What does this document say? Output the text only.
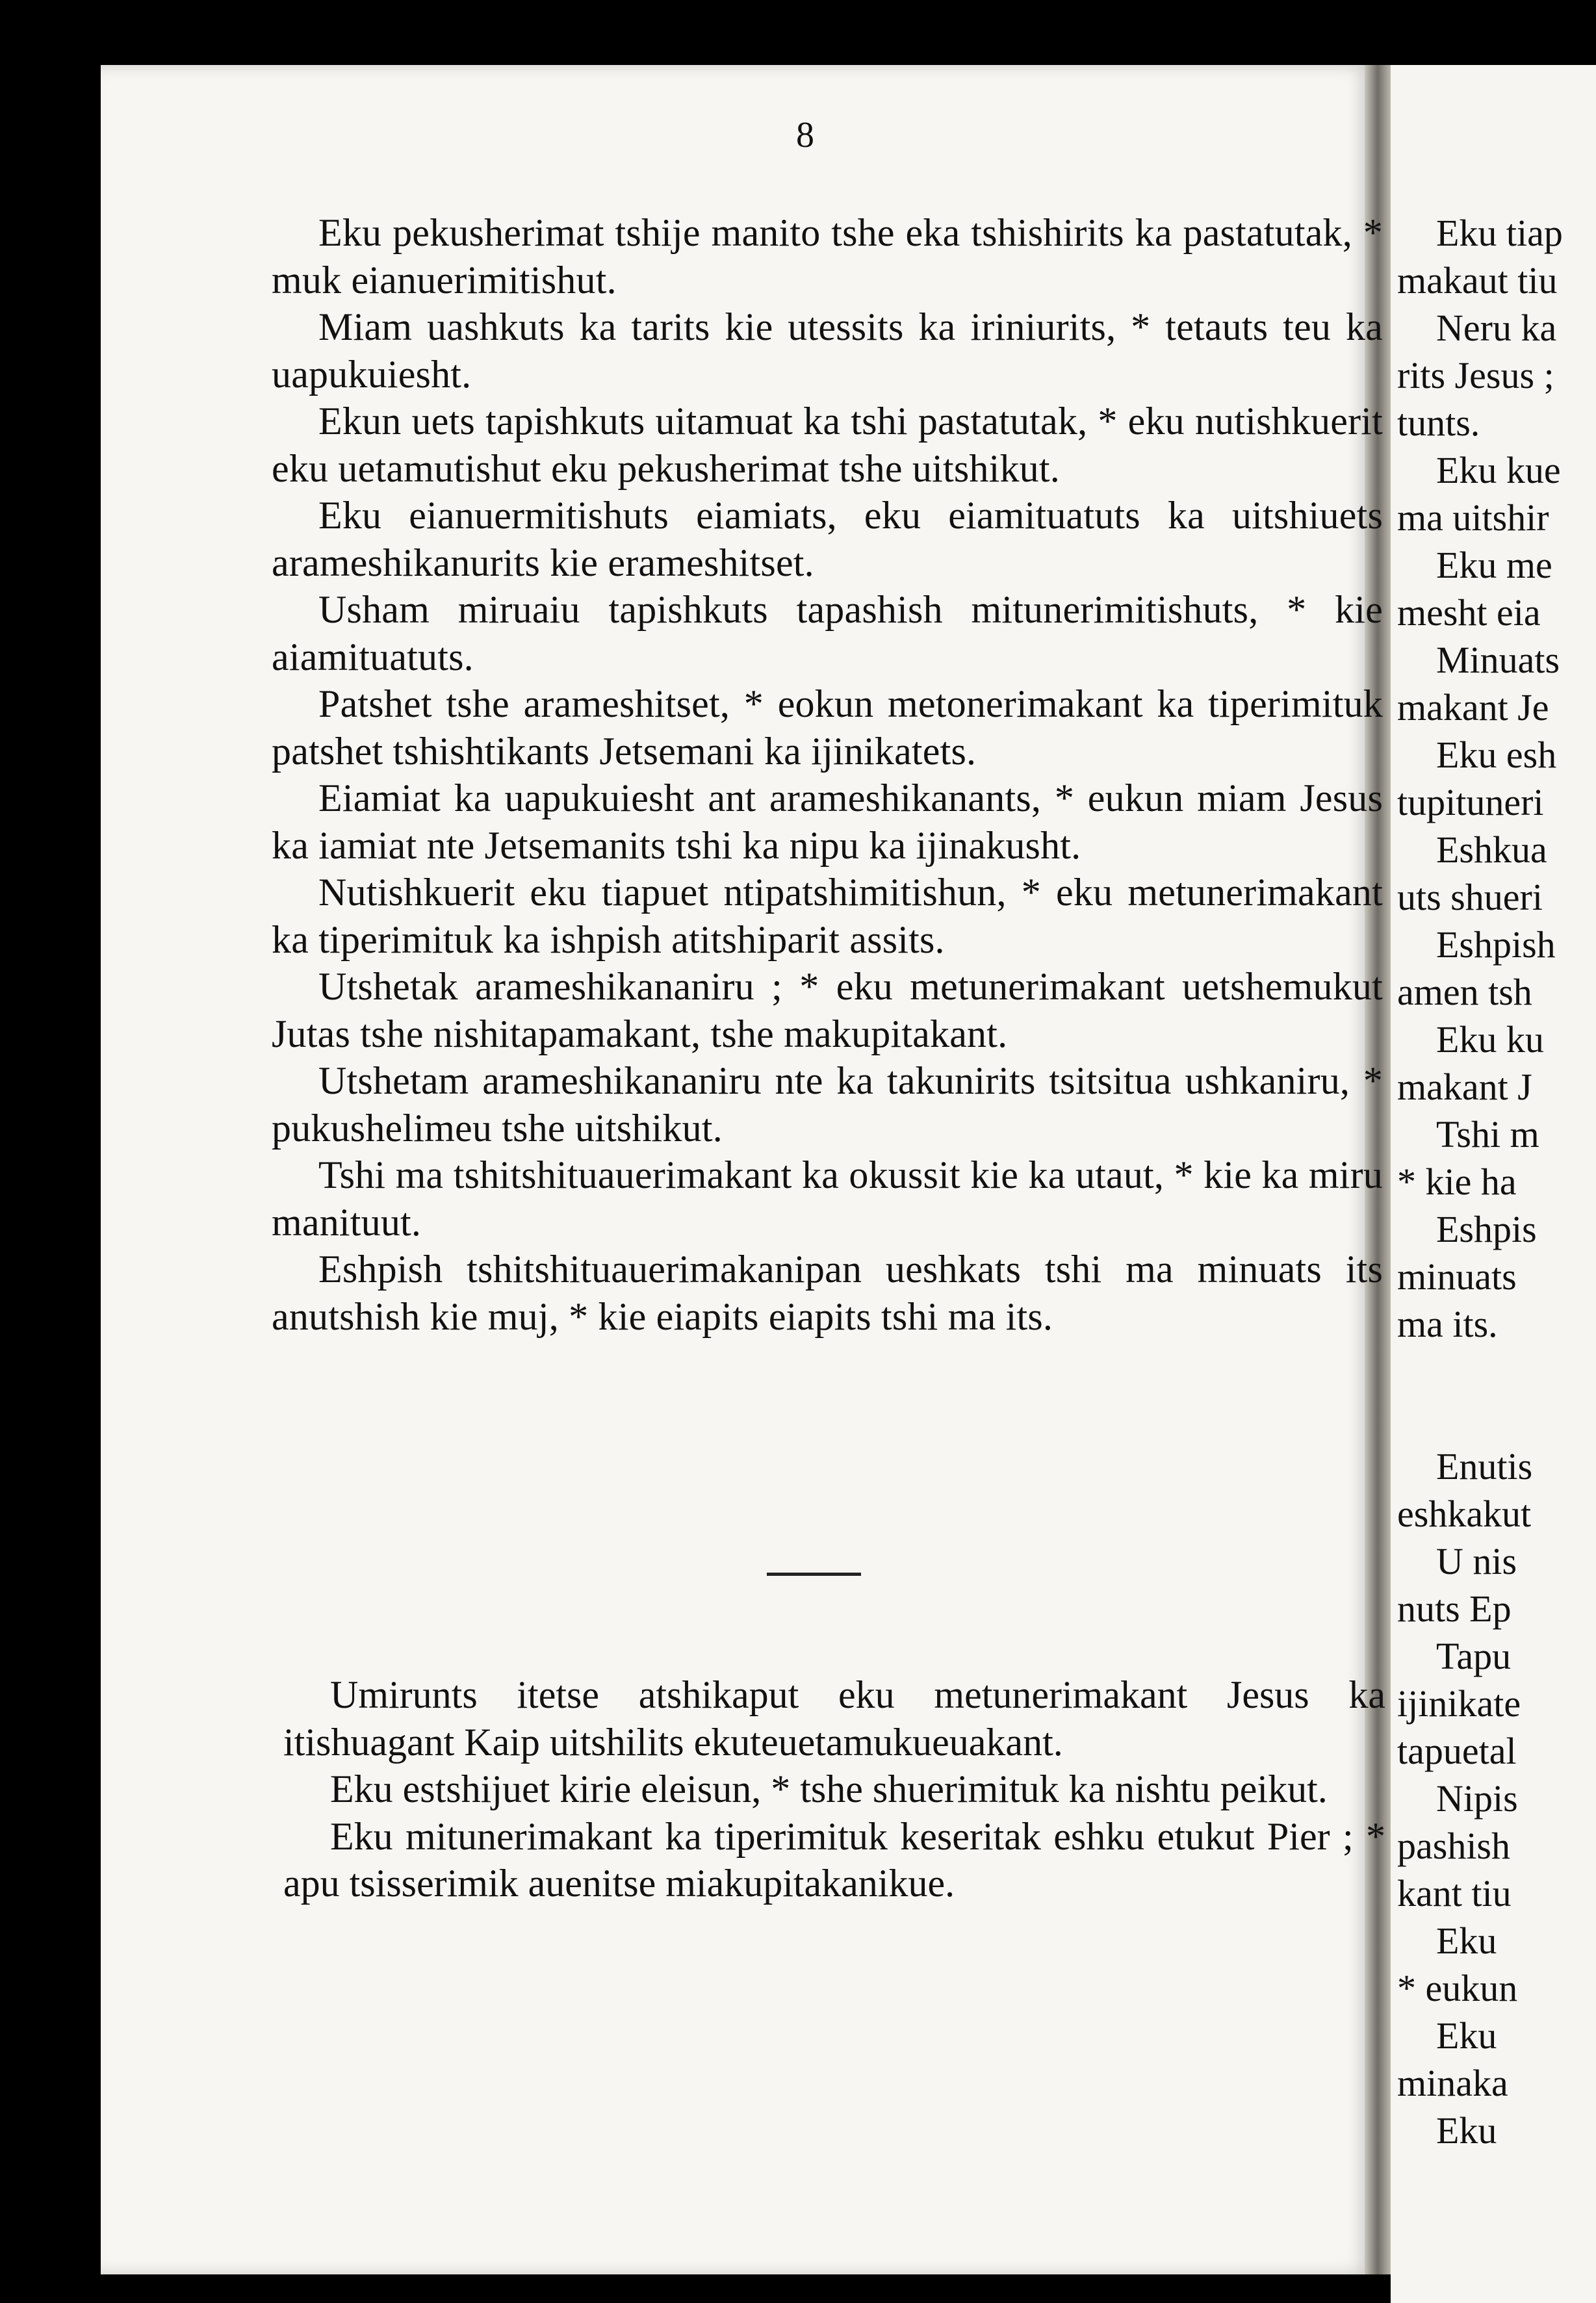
Eku tiap
makaut tiu
Neru ka
rits Jesus ;
tunts.
Eku kue
ma uitshir
Eku me
mesht eia
Minuats
makant Je
Eku esh
tupituneri
Eshkua
uts shueri
Eshpish
amen tsh
Eku ku
makant J
Tshi m
* kie ha
Eshpis
minuats
ma its.
Enutis
eshkakut
U nis
nuts Ep
Tapu
ijinikate
tapuetal
Nipis
pashish
kant tiu
Eku
* eukun
Eku
minaka
Eku
8

Eku pekusherimat tshije manito tshe eka tshishirits ka pastatutak, * muk eianuerimitishut.

Miam uashkuts ka tarits kie utessits ka iriniurits, * tetauts teu ka uapukuiesht.

Ekun uets tapishkuts uitamuat ka tshi pastatutak, * eku nutishkuerit eku uetamutishut eku pekusherimat tshe uitshikut.

Eku eianuermitishuts eiamiats, eku eiamituatuts ka uitshiuets arameshikanurits kie erameshitset.

Usham miruaiu tapishkuts tapashish mitunerimitishuts, * kie aiamituatuts.

Patshet tshe arameshitset, * eokun metonerimakant ka tiperimituk patshet tshishtikants Jetsemani ka ijinikatets.

Eiamiat ka uapukuiesht ant arameshikanants, * eukun miam Jesus ka iamiat nte Jetsemanits tshi ka nipu ka ijinakusht.

Nutishkuerit eku tiapuet ntipatshimitishun, * eku metunerimakant ka tiperimituk ka ishpish atitshiparit assits.

Utshetak arameshikananiru ; * eku metunerimakant uetshemukut Jutas tshe nishitapamakant, tshe makupitakant.

Utshetam arameshikananiru nte ka takunirits tsitsitua ushkaniru, * pukushelimeu tshe uitshikut.

Tshi ma tshitshituauerimakant ka okussit kie ka utaut, * kie ka miru manituut.

Eshpish tshitshituauerimakanipan ueshkats tshi ma minuats its anutshish kie muj, * kie eiapits eiapits tshi ma its.

Umirunts itetse atshikaput eku metunerimakant Jesus ka itishuagant Kaip uitshilits ekuteuetamukueuakant.

Eku estshijuet kirie eleisun, * tshe shuerimituk ka nishtu peikut.

Eku mitunerimakant ka tiperimituk keseritak eshku etukut Pier ; * apu tsisserimik auenitse miakupitakanikue.
